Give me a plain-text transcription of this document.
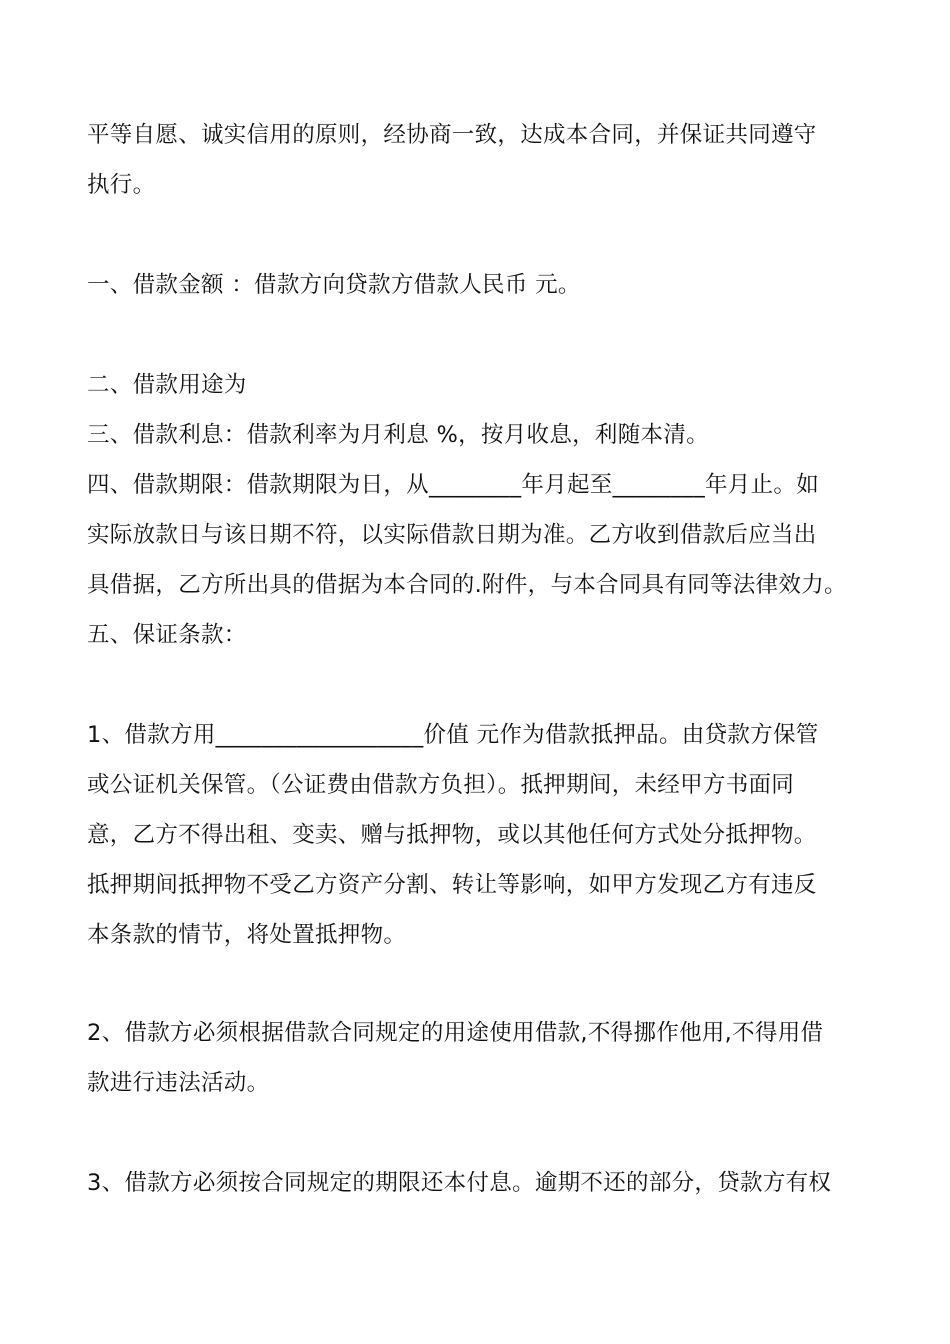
平等自愿、诚实信用的原则，经协商一致，达成本合同，并保证共同遵守
执行。
一、借款金额 ：借款方向贷款方借款人民币 元。
二、借款用途为
三、借款利息：借款利率为月利息 %，按月收息，利随本清。
四、借款期限：借款期限为日，从________年月起至________年月止。如
实际放款日与该日期不符，以实际借款日期为准。乙方收到借款后应当出
具借据，乙方所出具的借据为本合同的.附件，与本合同具有同等法律效力。
五、保证条款：
1、借款方用__________________价值 元作为借款抵押品。由贷款方保管
或公证机关保管。（公证费由借款方负担）。抵押期间，未经甲方书面同
意，乙方不得出租、变卖、赠与抵押物，或以其他任何方式处分抵押物。
抵押期间抵押物不受乙方资产分割、转让等影响，如甲方发现乙方有违反
本条款的情节，将处置抵押物。
2、借款方必须根据借款合同规定的用途使用借款,不得挪作他用,不得用借
款进行违法活动。
3、借款方必须按合同规定的期限还本付息。逾期不还的部分，贷款方有权
